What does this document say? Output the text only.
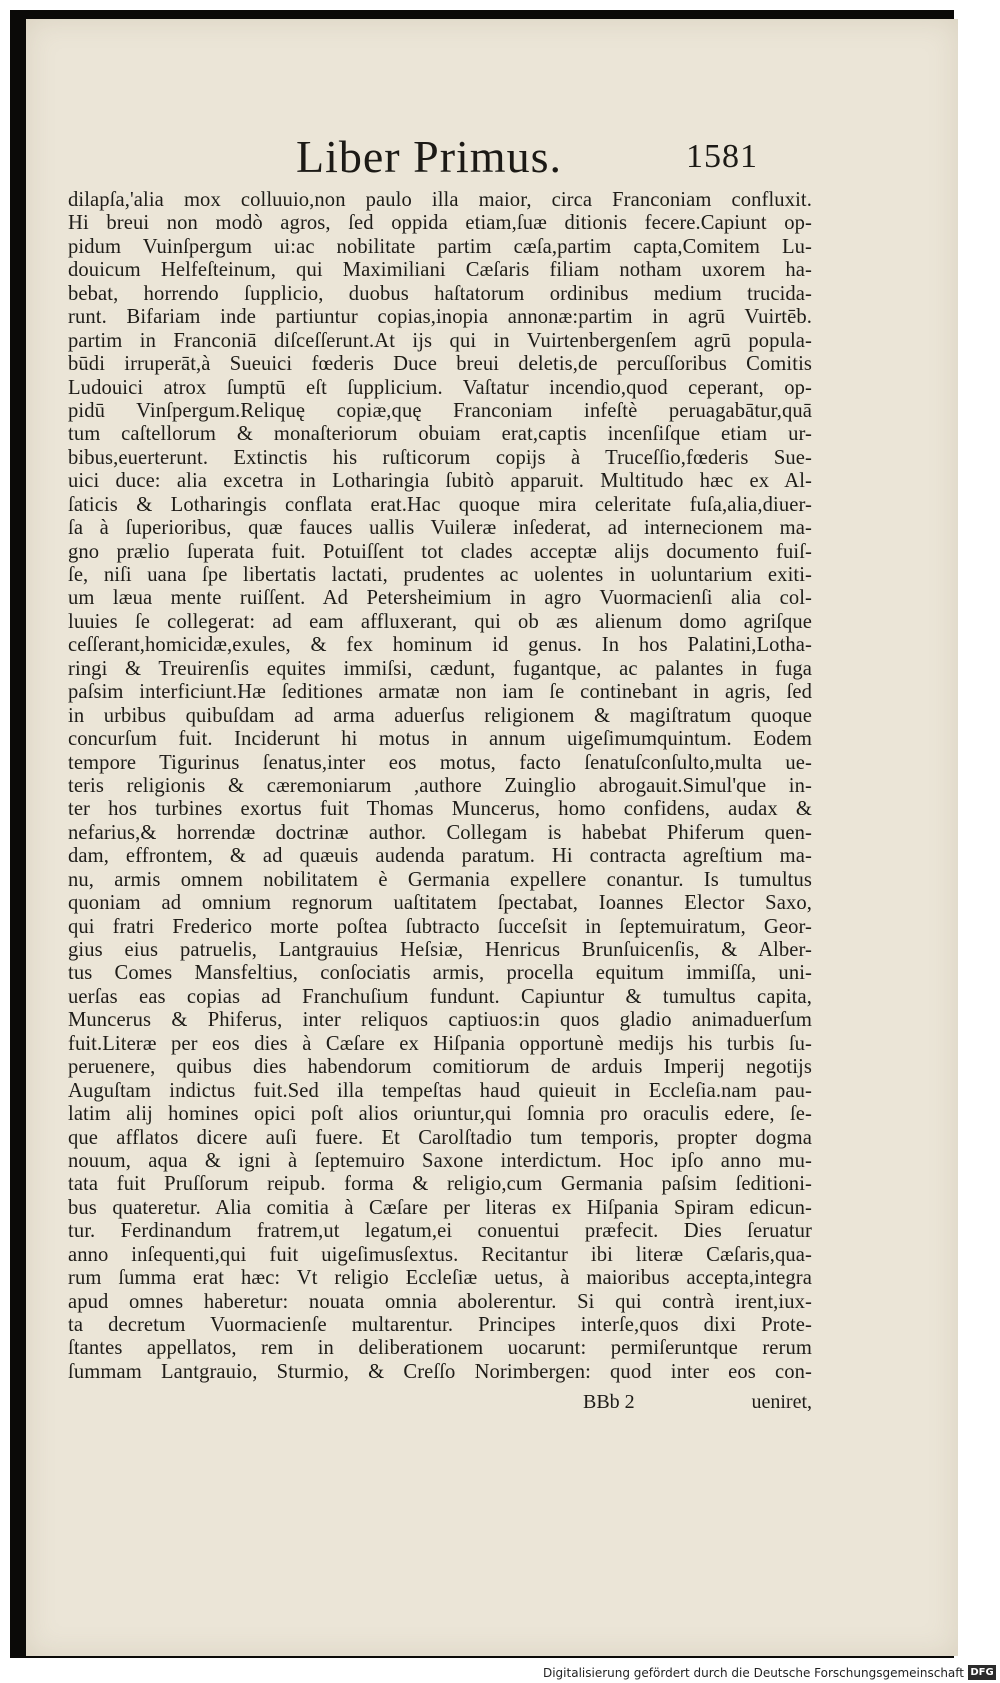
Liber Primus.	1581
dilapſa,'alia mox colluuio,non paulo illa maior, circa Franconiam confluxit.
Hi breui non modò agros, ſed oppida etiam,ſuæ ditionis fecere.Capiunt op-
pidum Vuinſpergum ui:ac nobilitate partim cæſa,partim capta,Comitem Lu-
douicum Helfeſteinum, qui Maximiliani Cæſaris filiam notham uxorem ha-
bebat, horrendo ſupplicio, duobus haſtatorum ordinibus medium trucida-
runt. Bifariam inde partiuntur copias,inopia annonæ:partim in agrū Vuirtēb.
partim in Franconiā diſceſſerunt.At ijs qui in Vuirtenbergenſem agrū popula-
būdi irruperāt,à Sueuici fœderis Duce breui deletis,de percuſſoribus Comitis
Ludouici atrox ſumptū eſt ſupplicium. Vaſtatur incendio,quod ceperant, op-
pidū Vinſpergum.Reliquę copiæ,quę Franconiam infeſtè peruagabātur,quā
tum caſtellorum & monaſteriorum obuiam erat,captis incenſiſque etiam ur-
bibus,euerterunt. Extinctis his ruſticorum copijs à Truceſſio,fœderis Sue-
uici duce: alia excetra in Lotharingia ſubitò apparuit. Multitudo hæc ex Al-
ſaticis & Lotharingis conflata erat.Hac quoque mira celeritate fuſa,alia,diuer-
ſa à ſuperioribus, quæ fauces uallis Vuileræ inſederat, ad internecionem ma-
gno prælio ſuperata fuit. Potuiſſent tot clades acceptæ alijs documento fuiſ-
ſe, niſi uana ſpe libertatis lactati, prudentes ac uolentes in uoluntarium exiti-
um læua mente ruiſſent. Ad Petersheimium in agro Vuormacienſi alia col-
luuies ſe collegerat: ad eam affluxerant, qui ob æs alienum domo agriſque
ceſſerant,homicidæ,exules, & fex hominum id genus. In hos Palatini,Lotha-
ringi & Treuirenſis equites immiſsi, cædunt, fugantque, ac palantes in fuga
paſsim interficiunt.Hæ ſeditiones armatæ non iam ſe continebant in agris, ſed
in urbibus quibuſdam ad arma aduerſus religionem & magiſtratum quoque
concurſum fuit. Inciderunt hi motus in annum uigeſimumquintum. Eodem
tempore Tigurinus ſenatus,inter eos motus, facto ſenatuſconſulto,multa ue-
teris religionis & cæremoniarum ,authore Zuinglio abrogauit.Simul'que in-
ter hos turbines exortus fuit Thomas Muncerus, homo confidens, audax &
nefarius,& horrendæ doctrinæ author. Collegam is habebat Phiferum quen-
dam, effrontem, & ad quæuis audenda paratum. Hi contracta agreſtium ma-
nu, armis omnem nobilitatem è Germania expellere conantur. Is tumultus
quoniam ad omnium regnorum uaſtitatem ſpectabat, Ioannes Elector Saxo,
qui fratri Frederico morte poſtea ſubtracto ſucceſsit in ſeptemuiratum, Geor-
gius eius patruelis, Lantgrauius Heſsiæ, Henricus Brunſuicenſis, & Alber-
tus Comes Mansfeltius, conſociatis armis, procella equitum immiſſa, uni-
uerſas eas copias ad Franchuſium fundunt. Capiuntur & tumultus capita,
Muncerus & Phiferus, inter reliquos captiuos:in quos gladio animaduerſum
fuit.Literæ per eos dies à Cæſare ex Hiſpania opportunè medijs his turbis ſu-
peruenere, quibus dies habendorum comitiorum de arduis Imperij negotijs
Auguſtam indictus fuit.Sed illa tempeſtas haud quieuit in Eccleſia.nam pau-
latim alij homines opici poſt alios oriuntur,qui ſomnia pro oraculis edere, ſe-
que afflatos dicere auſi fuere. Et Carolſtadio tum temporis, propter dogma
nouum, aqua & igni à ſeptemuiro Saxone interdictum. Hoc ipſo anno mu-
tata fuit Pruſſorum reipub. forma & religio,cum Germania paſsim ſeditioni-
bus quateretur. Alia comitia à Cæſare per literas ex Hiſpania Spiram edicun-
tur. Ferdinandum fratrem,ut legatum,ei conuentui præfecit. Dies ſeruatur
anno inſequenti,qui fuit uigeſimusſextus. Recitantur ibi literæ Cæſaris,qua-
rum ſumma erat hæc: Vt religio Eccleſiæ uetus, à maioribus accepta,integra
apud omnes haberetur: nouata omnia abolerentur. Si qui contrà irent,iux-
ta decretum Vuormacienſe multarentur. Principes interſe,quos dixi Prote-
ſtantes appellatos, rem in deliberationem uocarunt: permiſeruntque rerum
ſummam Lantgrauio, Sturmio, & Creſſo Norimbergen: quod inter eos con-
BBb 2	ueniret,
Digitalisierung gefördert durch die Deutsche Forschungsgemeinschaft DFG
